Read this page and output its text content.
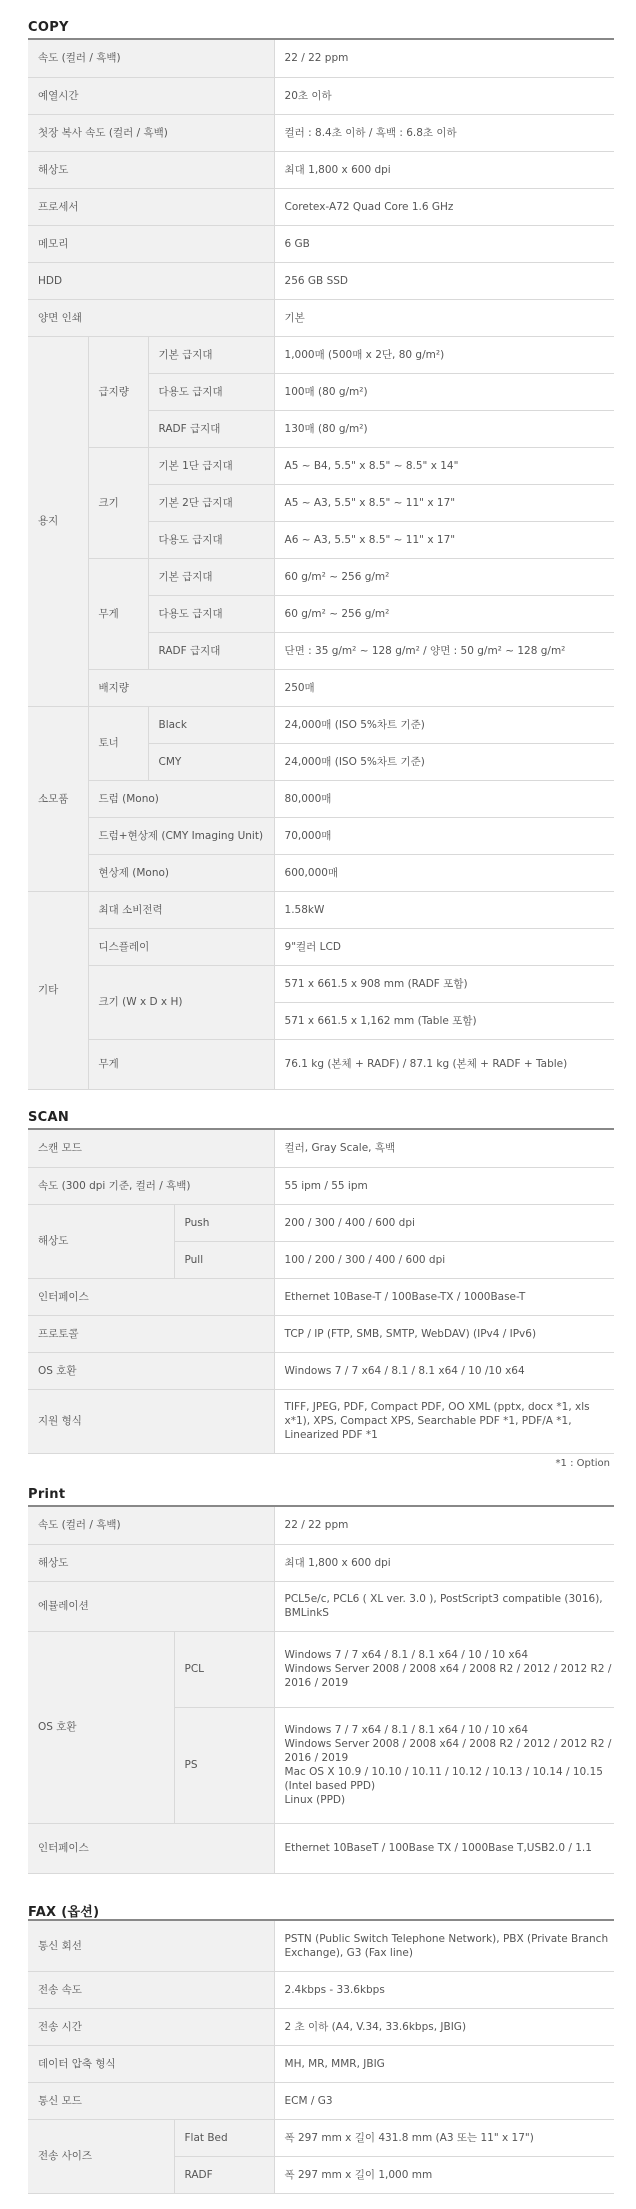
COPY
속도 (컬러 / 흑백)			22 / 22 ppm
예열시간			20초 이하
첫장 복사 속도 (컬러 / 흑백)			컬러 : 8.4초 이하 / 흑백 : 6.8초 이하
해상도			최대 1,800 x 600 dpi
프로세서			Coretex-A72 Quad Core 1.6 GHz
메모리			6 GB
HDD			256 GB SSD
양면 인쇄			기본
용지	급지량	기본 급지대	1,000매 (500매 x 2단, 80 g/m²)
		다용도 급지대	100매 (80 g/m²)
		RADF 급지대	130매 (80 g/m²)
	크기	기본 1단 급지대	A5 ~ B4, 5.5" x 8.5" ~ 8.5" x 14"
		기본 2단 급지대	A5 ~ A3, 5.5" x 8.5" ~ 11" x 17"
		다용도 급지대	A6 ~ A3, 5.5" x 8.5" ~ 11" x 17"
	무게	기본 급지대	60 g/m² ~ 256 g/m²
		다용도 급지대	60 g/m² ~ 256 g/m²
		RADF 급지대	단면 : 35 g/m² ~ 128 g/m² / 양면 : 50 g/m² ~ 128 g/m²
	배지량		250매
소모품	토너	Black	24,000매 (ISO 5%차트 기준)
		CMY	24,000매 (ISO 5%차트 기준)
	드럼 (Mono)		80,000매
	드럼+현상제 (CMY Imaging Unit)		70,000매
	현상제 (Mono)		600,000매
기타	최대 소비전력		1.58kW
	디스플레이		9"컬러 LCD
	크기 (W x D x H)		571 x 661.5 x 908 mm (RADF 포함)
			571 x 661.5 x 1,162 mm (Table 포함)
	무게		76.1 kg (본체 + RADF) / 87.1 kg (본체 + RADF + Table)
SCAN
스캔 모드		컬러, Gray Scale, 흑백
속도 (300 dpi 기준, 컬러 / 흑백)		55 ipm / 55 ipm
해상도	Push	200 / 300 / 400 / 600 dpi
	Pull	100 / 200 / 300 / 400 / 600 dpi
인터페이스		Ethernet 10Base-T / 100Base-TX / 1000Base-T
프로토콜		TCP / IP (FTP, SMB, SMTP, WebDAV) (IPv4 / IPv6)
OS 호환		Windows 7 / 7 x64 / 8.1 / 8.1 x64 / 10 /10 x64
지원 형식		TIFF, JPEG, PDF, Compact PDF, OO XML (pptx, docx *1, xls x*1), XPS, Compact XPS, Searchable PDF *1, PDF/A *1, Linearized PDF *1
*1 : Option
Print
속도 (컬러 / 흑백)		22 / 22 ppm
해상도		최대 1,800 x 600 dpi
에뮬레이션		PCL5e/c, PCL6 ( XL ver. 3.0 ), PostScript3 compatible (3016), BMLinkS
OS 호환	PCL	Windows 7 / 7 x64 / 8.1 / 8.1 x64 / 10 / 10 x64
Windows Server 2008 / 2008 x64 / 2008 R2 / 2012 / 2012 R2 / 2016 / 2019
	PS	Windows 7 / 7 x64 / 8.1 / 8.1 x64 / 10 / 10 x64
Windows Server 2008 / 2008 x64 / 2008 R2 / 2012 / 2012 R2 / 2016 / 2019
Mac OS X 10.9 / 10.10 / 10.11 / 10.12 / 10.13 / 10.14 / 10.15 (Intel based PPD)
Linux (PPD)
인터페이스		Ethernet 10BaseT / 100Base TX / 1000Base T,USB2.0 / 1.1
FAX (옵션)
통신 회선		PSTN (Public Switch Telephone Network), PBX (Private Branch Exchange), G3 (Fax line)
전송 속도		2.4kbps - 33.6kbps
전송 시간		2 초 이하 (A4, V.34, 33.6kbps, JBIG)
데이터 압축 형식		MH, MR, MMR, JBIG
통신 모드		ECM / G3
전송 사이즈	Flat Bed	폭 297 mm x 길이 431.8 mm (A3 또는 11" x 17")
	RADF	폭 297 mm x 길이 1,000 mm
